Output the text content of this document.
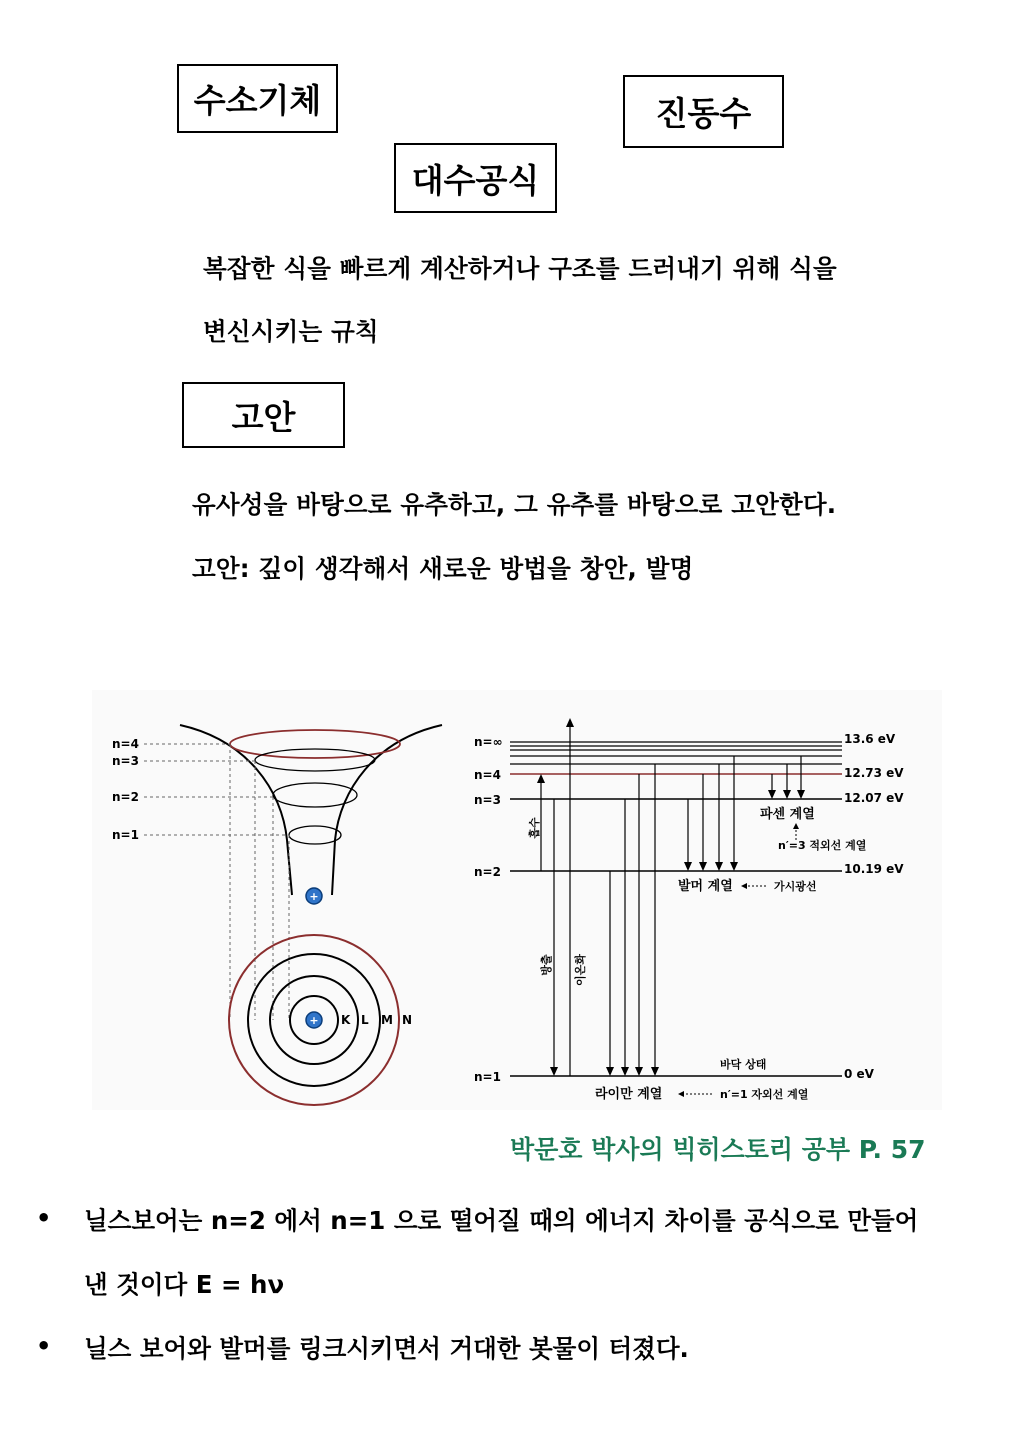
수소기체	진동수
대수공식
복잡한 식을 빠르게 계산하거나 구조를 드러내기 위해 식을
변신시키는 규칙
고안
유사성을 바탕으로 유추하고, 그 유추를 바탕으로 고안한다.
고안: 깊이 생각해서 새로운 방법을 창안, 발명
n=4
n=3
n=2
n=1
+
+ K L M N
n=∞
n=4
n=3
n=2
n=1
13.6 eV
12.73 eV
12.07 eV
10.19 eV
0 eV
흡수
방출 이온화
파센 계열
n′=3 적외선 계열
발머 계열	가시광선
바닥 상태
라이만 계열	n′=1 자외선 계열
박문호 박사의 빅히스토리 공부 P. 57
• 닐스보어는 n=2 에서 n=1 으로 떨어질 때의 에너지 차이를 공식으로 만들어
낸 것이다 E = hν
• 닐스 보어와 발머를 링크시키면서 거대한 봇물이 터졌다.
